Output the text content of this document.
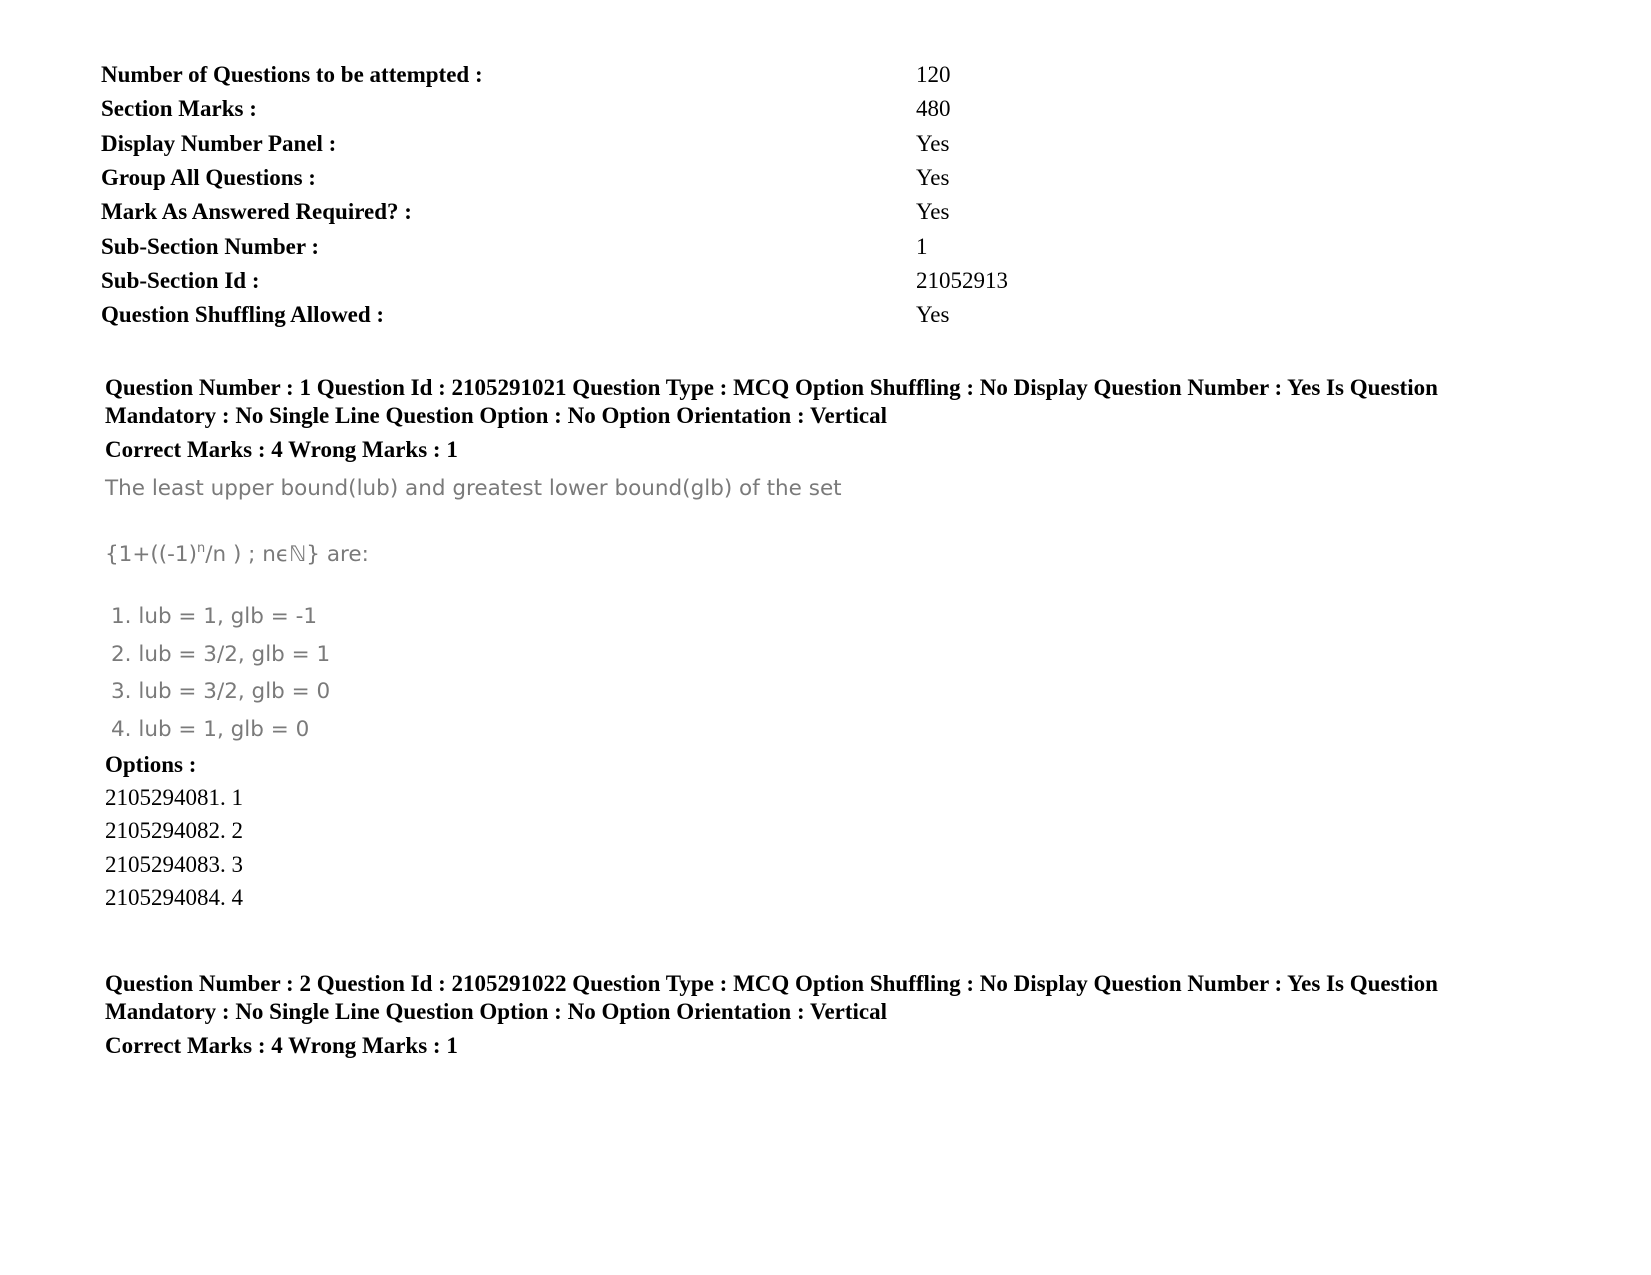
Number of Questions to be attempted :	120
Section Marks :	480
Display Number Panel :	Yes
Group All Questions :	Yes
Mark As Answered Required? :	Yes
Sub-Section Number :	1
Sub-Section Id :	21052913
Question Shuffling Allowed :	Yes
Question Number : 1 Question Id : 2105291021 Question Type : MCQ Option Shuffling : No Display Question Number : Yes Is Question
Mandatory : No Single Line Question Option : No Option Orientation : Vertical
Correct Marks : 4 Wrong Marks : 1
The least upper bound(lub) and greatest lower bound(glb) of the set
{$1+((-1)^n/n$ ) ; nϵℕ} are:
1. lub = 1, glb = -1
2. lub = 3/2, glb = 1
3. lub = 3/2, glb = 0
4. lub = 1, glb = 0
Options :
2105294081. 1
2105294082. 2
2105294083. 3
2105294084. 4
Question Number : 2 Question Id : 2105291022 Question Type : MCQ Option Shuffling : No Display Question Number : Yes Is Question
Mandatory : No Single Line Question Option : No Option Orientation : Vertical
Correct Marks : 4 Wrong Marks : 1
